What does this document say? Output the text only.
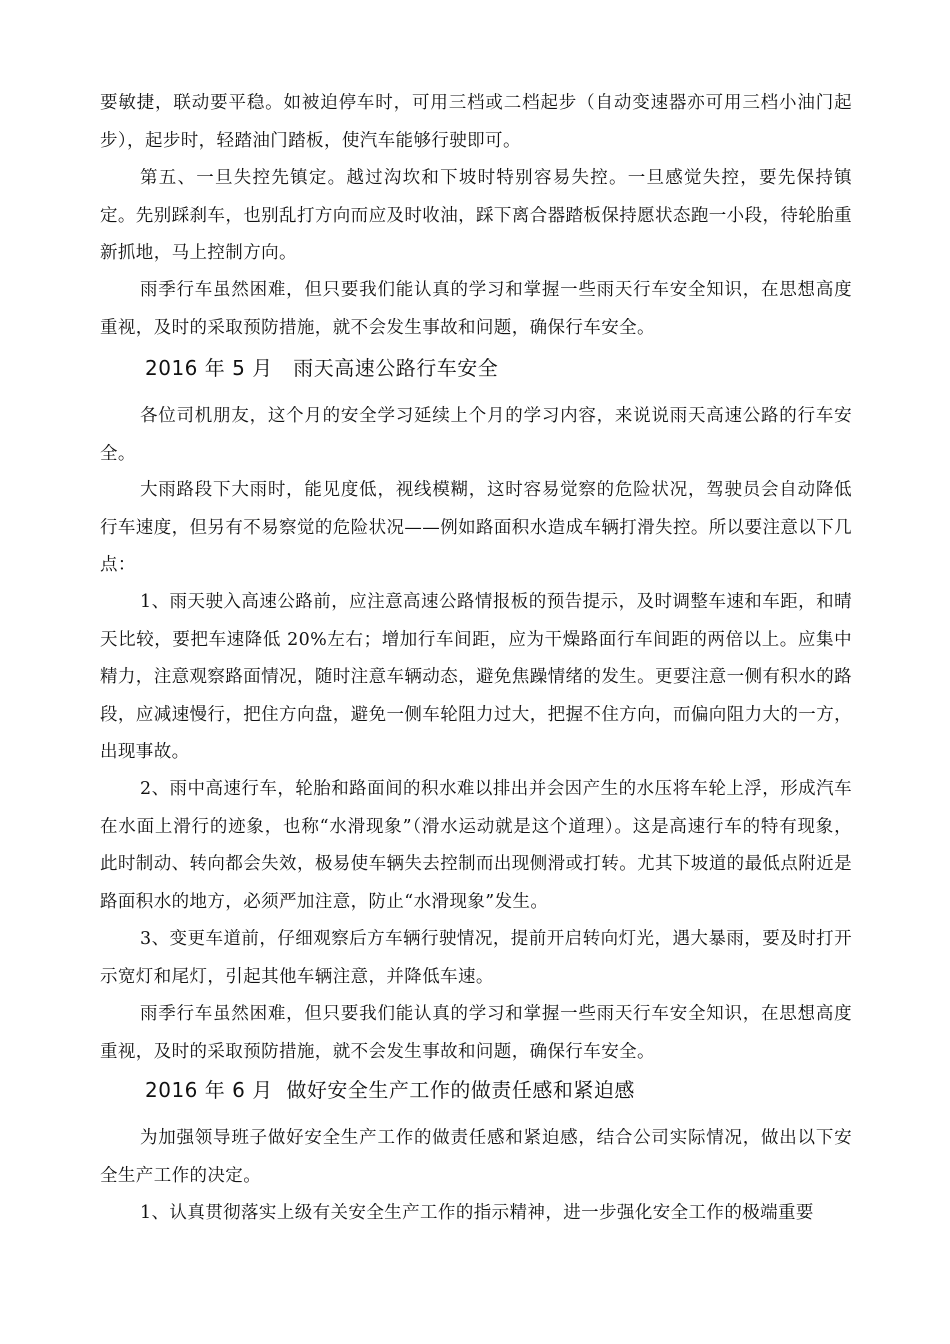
要敏捷，联动要平稳。如被迫停车时，可用三档或二档起步（自动变速器亦可用三档小油门起步），起步时，轻踏油门踏板，使汽车能够行驶即可。
第五、一旦失控先镇定。越过沟坎和下坡时特别容易失控。一旦感觉失控，要先保持镇定。先别踩刹车，也别乱打方向而应及时收油，踩下离合器踏板保持愿状态跑一小段，待轮胎重新抓地，马上控制方向。
雨季行车虽然困难，但只要我们能认真的学习和掌握一些雨天行车安全知识，在思想高度重视，及时的采取预防措施，就不会发生事故和问题，确保行车安全。
2016 年 5 月   雨天高速公路行车安全
各位司机朋友，这个月的安全学习延续上个月的学习内容，来说说雨天高速公路的行车安全。
大雨路段下大雨时，能见度低，视线模糊，这时容易觉察的危险状况，驾驶员会自动降低行车速度，但另有不易察觉的危险状况——例如路面积水造成车辆打滑失控。所以要注意以下几点：
1、雨天驶入高速公路前，应注意高速公路情报板的预告提示，及时调整车速和车距，和晴天比较，要把车速降低 20%左右；增加行车间距，应为干燥路面行车间距的两倍以上。应集中精力，注意观察路面情况，随时注意车辆动态，避免焦躁情绪的发生。更要注意一侧有积水的路段，应减速慢行，把住方向盘，避免一侧车轮阻力过大，把握不住方向，而偏向阻力大的一方，出现事故。
2、雨中高速行车，轮胎和路面间的积水难以排出并会因产生的水压将车轮上浮，形成汽车在水面上滑行的迹象，也称“水滑现象”（滑水运动就是这个道理）。这是高速行车的特有现象，此时制动、转向都会失效，极易使车辆失去控制而出现侧滑或打转。尤其下坡道的最低点附近是路面积水的地方，必须严加注意，防止“水滑现象”发生。
3、变更车道前，仔细观察后方车辆行驶情况，提前开启转向灯光，遇大暴雨，要及时打开示宽灯和尾灯，引起其他车辆注意，并降低车速。
雨季行车虽然困难，但只要我们能认真的学习和掌握一些雨天行车安全知识，在思想高度重视，及时的采取预防措施，就不会发生事故和问题，确保行车安全。
2016 年 6 月  做好安全生产工作的做责任感和紧迫感
为加强领导班子做好安全生产工作的做责任感和紧迫感，结合公司实际情况，做出以下安全生产工作的决定。
1、认真贯彻落实上级有关安全生产工作的指示精神，进一步强化安全工作的极端重要
